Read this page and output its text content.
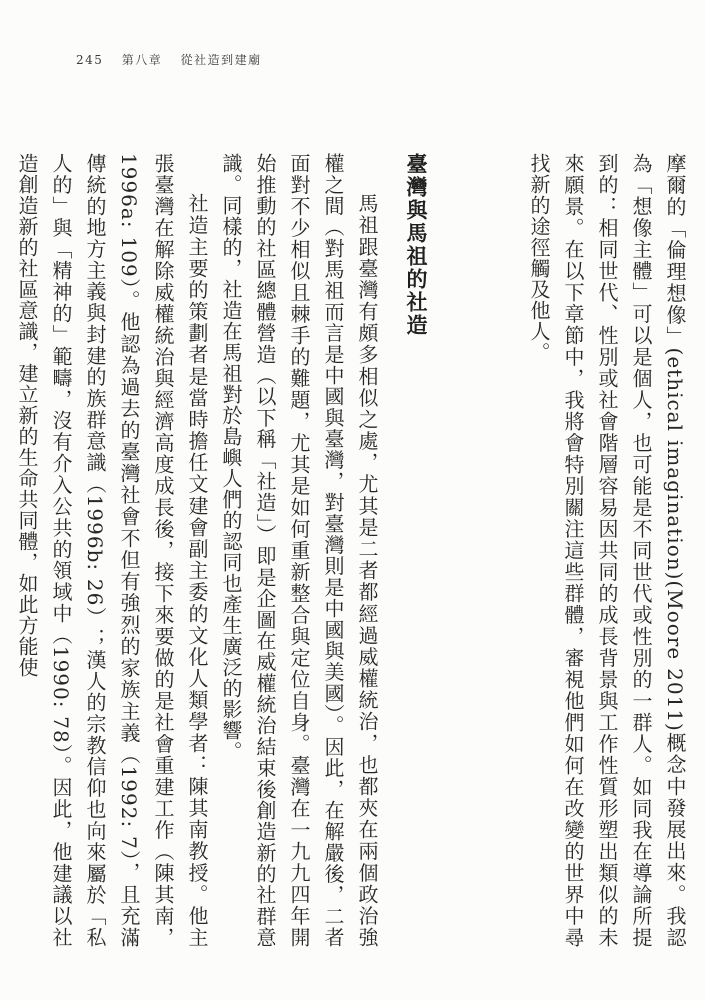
245 第八章 從社造到建廟

摩爾的「倫理想像」(ethical imagination)(Moore 2011)概念中發展出來。我認為「想像主體」可以是個人，也可能是不同世代或性別的一群人。如同我在導論所提到的：相同世代、性別或社會階層容易因共同的成長背景與工作性質形塑出類似的未來願景。在以下章節中，我將會特別關注這些群體，審視他們如何在改變的世界中尋找新的途徑觸及他人。

臺灣與馬祖的社造

馬祖跟臺灣有頗多相似之處，尤其是二者都經過威權統治，也都夾在兩個政治強權之間（對馬祖而言是中國與臺灣，對臺灣則是中國與美國）。因此，在解嚴後，二者面對不少相似且棘手的難題，尤其是如何重新整合與定位自身。臺灣在一九九四年開始推動的社區總體營造（以下稱「社造」）即是企圖在威權統治結束後創造新的社群意識。同樣的，社造在馬祖對於島嶼人們的認同也產生廣泛的影響。

社造主要的策劃者是當時擔任文建會副主委的文化人類學者：陳其南教授。他主張臺灣在解除威權統治與經濟高度成長後，接下來要做的是社會重建工作（陳其南，1996a: 109）。他認為過去的臺灣社會不但有強烈的家族主義（1992: 7），且充滿傳統的地方主義與封建的族群意識（1996b: 26）；漢人的宗教信仰也向來屬於「私人的」與「精神的」範疇，沒有介入公共的領域中（1990: 78）。因此，他建議以社造創造新的社區意識，建立新的生命共同體，如此方能使
